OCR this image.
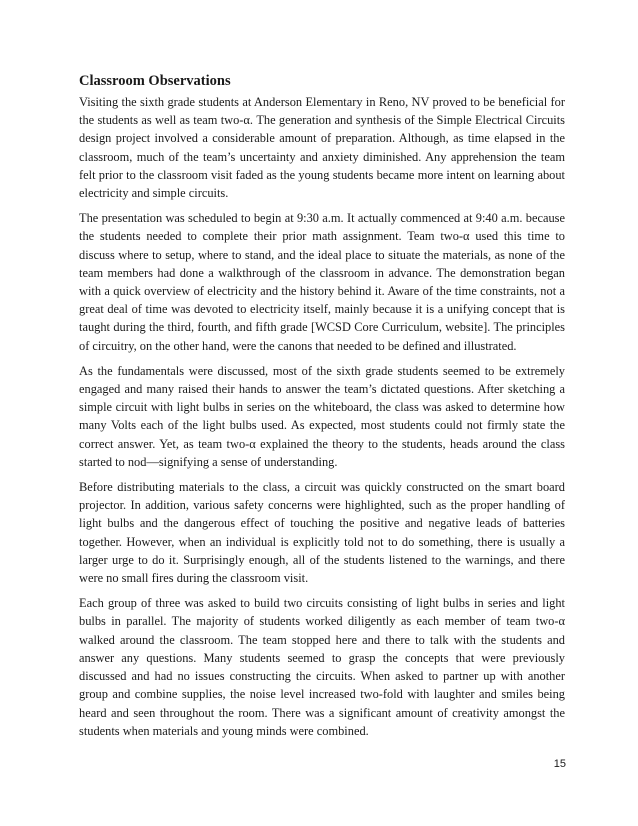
Classroom Observations

Visiting the sixth grade students at Anderson Elementary in Reno, NV proved to be beneficial for the students as well as team two-α. The generation and synthesis of the Simple Electrical Circuits design project involved a considerable amount of preparation. Although, as time elapsed in the classroom, much of the team’s uncertainty and anxiety diminished. Any apprehension the team felt prior to the classroom visit faded as the young students became more intent on learning about electricity and simple circuits.

The presentation was scheduled to begin at 9:30 a.m. It actually commenced at 9:40 a.m. because the students needed to complete their prior math assignment. Team two-α used this time to discuss where to setup, where to stand, and the ideal place to situate the materials, as none of the team members had done a walkthrough of the classroom in advance. The demonstration began with a quick overview of electricity and the history behind it. Aware of the time constraints, not a great deal of time was devoted to electricity itself, mainly because it is a unifying concept that is taught during the third, fourth, and fifth grade [WCSD Core Curriculum, website]. The principles of circuitry, on the other hand, were the canons that needed to be defined and illustrated.

As the fundamentals were discussed, most of the sixth grade students seemed to be extremely engaged and many raised their hands to answer the team’s dictated questions. After sketching a simple circuit with light bulbs in series on the whiteboard, the class was asked to determine how many Volts each of the light bulbs used. As expected, most students could not firmly state the correct answer. Yet, as team two-α explained the theory to the students, heads around the class started to nod—signifying a sense of understanding.

Before distributing materials to the class, a circuit was quickly constructed on the smart board projector. In addition, various safety concerns were highlighted, such as the proper handling of light bulbs and the dangerous effect of touching the positive and negative leads of batteries together. However, when an individual is explicitly told not to do something, there is usually a larger urge to do it. Surprisingly enough, all of the students listened to the warnings, and there were no small fires during the classroom visit.

Each group of three was asked to build two circuits consisting of light bulbs in series and light bulbs in parallel. The majority of students worked diligently as each member of team two-α walked around the classroom. The team stopped here and there to talk with the students and answer any questions. Many students seemed to grasp the concepts that were previously discussed and had no issues constructing the circuits. When asked to partner up with another group and combine supplies, the noise level increased two-fold with laughter and smiles being heard and seen throughout the room. There was a significant amount of creativity amongst the students when materials and young minds were combined.

15
